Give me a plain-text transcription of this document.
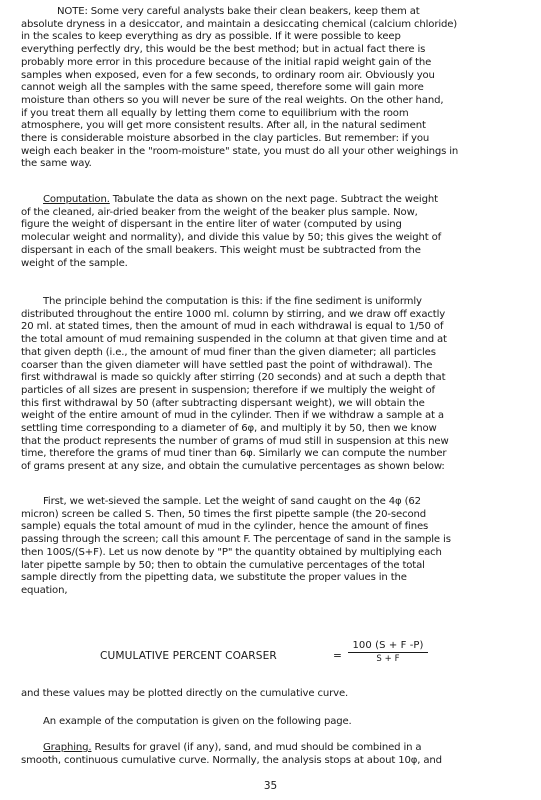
NOTE: Some very careful analysts bake their clean beakers, keep them at
absolute dryness in a desiccator, and maintain a desiccating chemical (calcium chloride)
in the scales to keep everything as dry as possible. If it were possible to keep
everything perfectly dry, this would be the best method; but in actual fact there is
probably more error in this procedure because of the initial rapid weight gain of the
samples when exposed, even for a few seconds, to ordinary room air. Obviously you
cannot weigh all the samples with the same speed, therefore some will gain more
moisture than others so you will never be sure of the real weights. On the other hand,
if you treat them all equally by letting them come to equilibrium with the room
atmosphere, you will get more consistent results. After all, in the natural sediment
there is considerable moisture absorbed in the clay particles. But remember: if you
weigh each beaker in the "room-moisture" state, you must do all your other weighings in
the same way.
Computation. Tabulate the data as shown on the next page. Subtract the weight
of the cleaned, air-dried beaker from the weight of the beaker plus sample. Now,
figure the weight of dispersant in the entire liter of water (computed by using
molecular weight and normality), and divide this value by 50; this gives the weight of
dispersant in each of the small beakers. This weight must be subtracted from the
weight of the sample.
The principle behind the computation is this: if the fine sediment is uniformly
distributed throughout the entire 1000 ml. column by stirring, and we draw off exactly
20 ml. at stated times, then the amount of mud in each withdrawal is equal to 1/50 of
the total amount of mud remaining suspended in the column at that given time and at
that given depth (i.e., the amount of mud finer than the given diameter; all particles
coarser than the given diameter will have settled past the point of withdrawal). The
first withdrawal is made so quickly after stirring (20 seconds) and at such a depth that
particles of all sizes are present in suspension; therefore if we multiply the weight of
this first withdrawal by 50 (after subtracting dispersant weight), we will obtain the
weight of the entire amount of mud in the cylinder. Then if we withdraw a sample at a
settling time corresponding to a diameter of 6φ, and multiply it by 50, then we know
that the product represents the number of grams of mud still in suspension at this new
time, therefore the grams of mud tiner than 6φ. Similarly we can compute the number
of grams present at any size, and obtain the cumulative percentages as shown below:
First, we wet-sieved the sample. Let the weight of sand caught on the 4φ (62
micron) screen be called S. Then, 50 times the first pipette sample (the 20-second
sample) equals the total amount of mud in the cylinder, hence the amount of fines
passing through the screen; call this amount F. The percentage of sand in the sample is
then 100S/(S+F). Let us now denote by "P" the quantity obtained by multiplying each
later pipette sample by 50; then to obtain the cumulative percentages of the total
sample directly from the pipetting data, we substitute the proper values in the
equation,
CUMULATIVE PERCENT COARSER	= $\frac{100 (S + F -P)}{S + F}$
and these values may be plotted directly on the cumulative curve.
An example of the computation is given on the following page.
Graphing. Results for gravel (if any), sand, and mud should be combined in a
smooth, continuous cumulative curve. Normally, the analysis stops at about 10φ, and
35
